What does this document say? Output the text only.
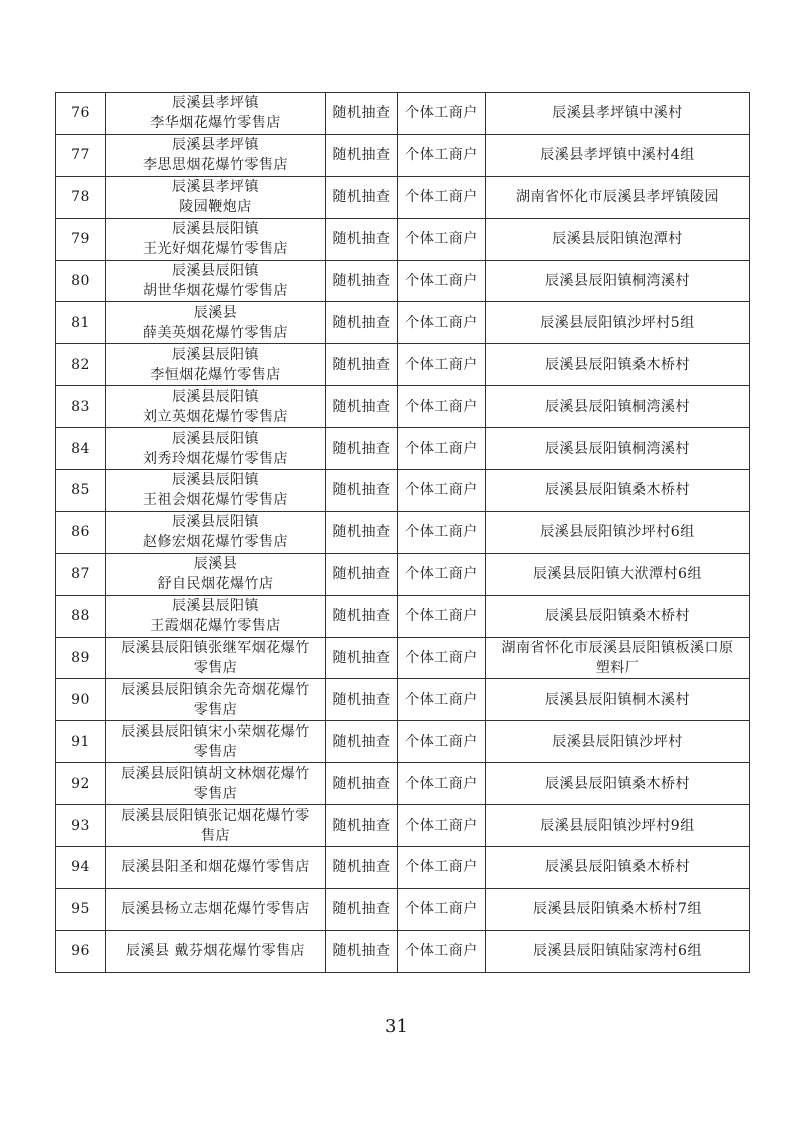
76	辰溪县孝坪镇
李华烟花爆竹零售店	随机抽查	个体工商户	辰溪县孝坪镇中溪村

77	辰溪县孝坪镇
李思思烟花爆竹零售店	随机抽查	个体工商户	辰溪县孝坪镇中溪村4组

78	辰溪县孝坪镇
陵园鞭炮店	随机抽查	个体工商户	湖南省怀化市辰溪县孝坪镇陵园

79	辰溪县辰阳镇
王光好烟花爆竹零售店	随机抽查	个体工商户	辰溪县辰阳镇泡潭村

80	辰溪县辰阳镇
胡世华烟花爆竹零售店	随机抽查	个体工商户	辰溪县辰阳镇桐湾溪村

81	辰溪县
薛美英烟花爆竹零售店	随机抽查	个体工商户	辰溪县辰阳镇沙坪村5组

82	辰溪县辰阳镇
李恒烟花爆竹零售店	随机抽查	个体工商户	辰溪县辰阳镇桑木桥村

83	辰溪县辰阳镇
刘立英烟花爆竹零售店	随机抽查	个体工商户	辰溪县辰阳镇桐湾溪村

84	辰溪县辰阳镇
刘秀玲烟花爆竹零售店	随机抽查	个体工商户	辰溪县辰阳镇桐湾溪村

85	辰溪县辰阳镇
王祖会烟花爆竹零售店	随机抽查	个体工商户	辰溪县辰阳镇桑木桥村

86	辰溪县辰阳镇
赵修宏烟花爆竹零售店	随机抽查	个体工商户	辰溪县辰阳镇沙坪村6组

87	辰溪县
舒自民烟花爆竹店	随机抽查	个体工商户	辰溪县辰阳镇大洑潭村6组

88	辰溪县辰阳镇
王霞烟花爆竹零售店	随机抽查	个体工商户	辰溪县辰阳镇桑木桥村

89	辰溪县辰阳镇张继军烟花爆竹
零售店	随机抽查	个体工商户	湖南省怀化市辰溪县辰阳镇板溪口原
塑料厂

90	辰溪县辰阳镇余先奇烟花爆竹
零售店	随机抽查	个体工商户	辰溪县辰阳镇桐木溪村

91	辰溪县辰阳镇宋小荣烟花爆竹
零售店	随机抽查	个体工商户	辰溪县辰阳镇沙坪村

92	辰溪县辰阳镇胡文林烟花爆竹
零售店	随机抽查	个体工商户	辰溪县辰阳镇桑木桥村

93	辰溪县辰阳镇张记烟花爆竹零
售店	随机抽查	个体工商户	辰溪县辰阳镇沙坪村9组

94	辰溪县阳圣和烟花爆竹零售店	随机抽查	个体工商户	辰溪县辰阳镇桑木桥村

95	辰溪县杨立志烟花爆竹零售店	随机抽查	个体工商户	辰溪县辰阳镇桑木桥村7组

96	辰溪县 戴芬烟花爆竹零售店	随机抽查	个体工商户	辰溪县辰阳镇陆家湾村6组
31
